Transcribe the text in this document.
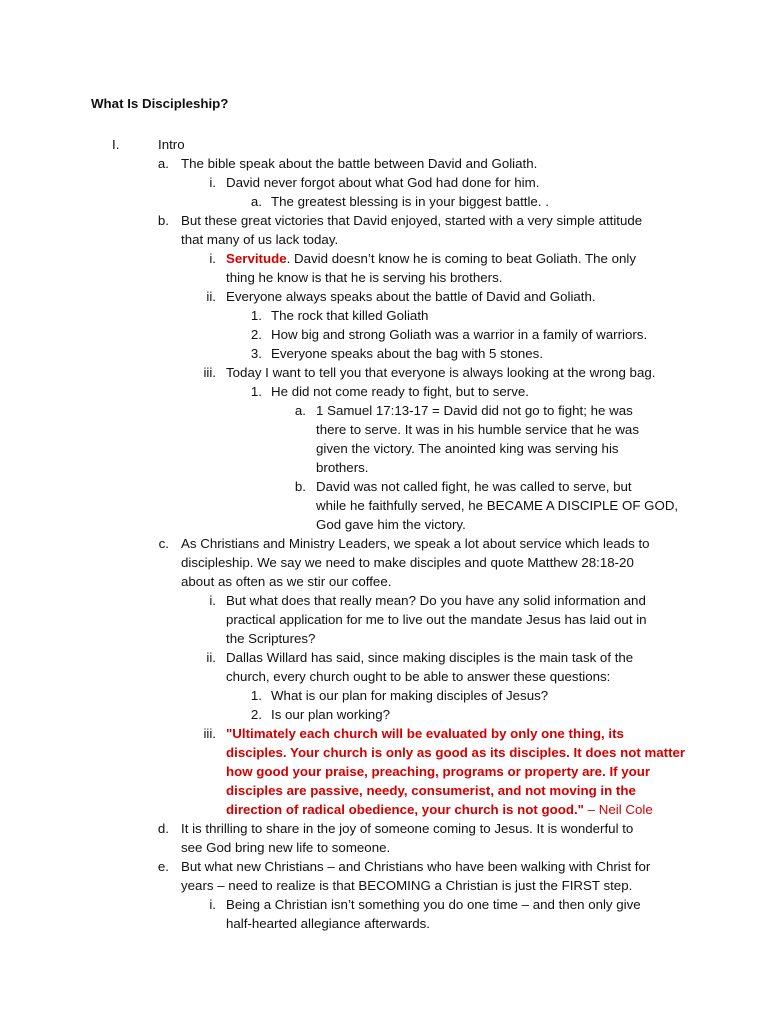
What Is Discipleship?
I.	Intro
a. The bible speak about the battle between David and Goliath.
i. David never forgot about what God had done for him.
a. The greatest blessing is in your biggest battle. .
b. But these great victories that David enjoyed, started with a very simple attitude
that many of us lack today.
i. Servitude. David doesn’t know he is coming to beat Goliath. The only
thing he know is that he is serving his brothers.
ii. Everyone always speaks about the battle of David and Goliath.
1. The rock that killed Goliath
2. How big and strong Goliath was a warrior in a family of warriors.
3. Everyone speaks about the bag with 5 stones.
iii. Today I want to tell you that everyone is always looking at the wrong bag.
1. He did not come ready to fight, but to serve.
a. 1 Samuel 17:13-17 = David did not go to fight; he was
there to serve. It was in his humble service that he was
given the victory. The anointed king was serving his
brothers.
b. David was not called fight, he was called to serve, but
while he faithfully served, he BECAME A DISCIPLE OF GOD,
God gave him the victory.
c. As Christians and Ministry Leaders, we speak a lot about service which leads to
discipleship. We say we need to make disciples and quote Matthew 28:18-20
about as often as we stir our coffee.
i. But what does that really mean? Do you have any solid information and
practical application for me to live out the mandate Jesus has laid out in
the Scriptures?
ii. Dallas Willard has said, since making disciples is the main task of the
church, every church ought to be able to answer these questions:
1. What is our plan for making disciples of Jesus?
2. Is our plan working?
iii. "Ultimately each church will be evaluated by only one thing, its
disciples. Your church is only as good as its disciples. It does not matter
how good your praise, preaching, programs or property are. If your
disciples are passive, needy, consumerist, and not moving in the
direction of radical obedience, your church is not good." – Neil Cole
d. It is thrilling to share in the joy of someone coming to Jesus. It is wonderful to
see God bring new life to someone.
e. But what new Christians – and Christians who have been walking with Christ for
years – need to realize is that BECOMING a Christian is just the FIRST step.
i. Being a Christian isn’t something you do one time – and then only give
half-hearted allegiance afterwards.
